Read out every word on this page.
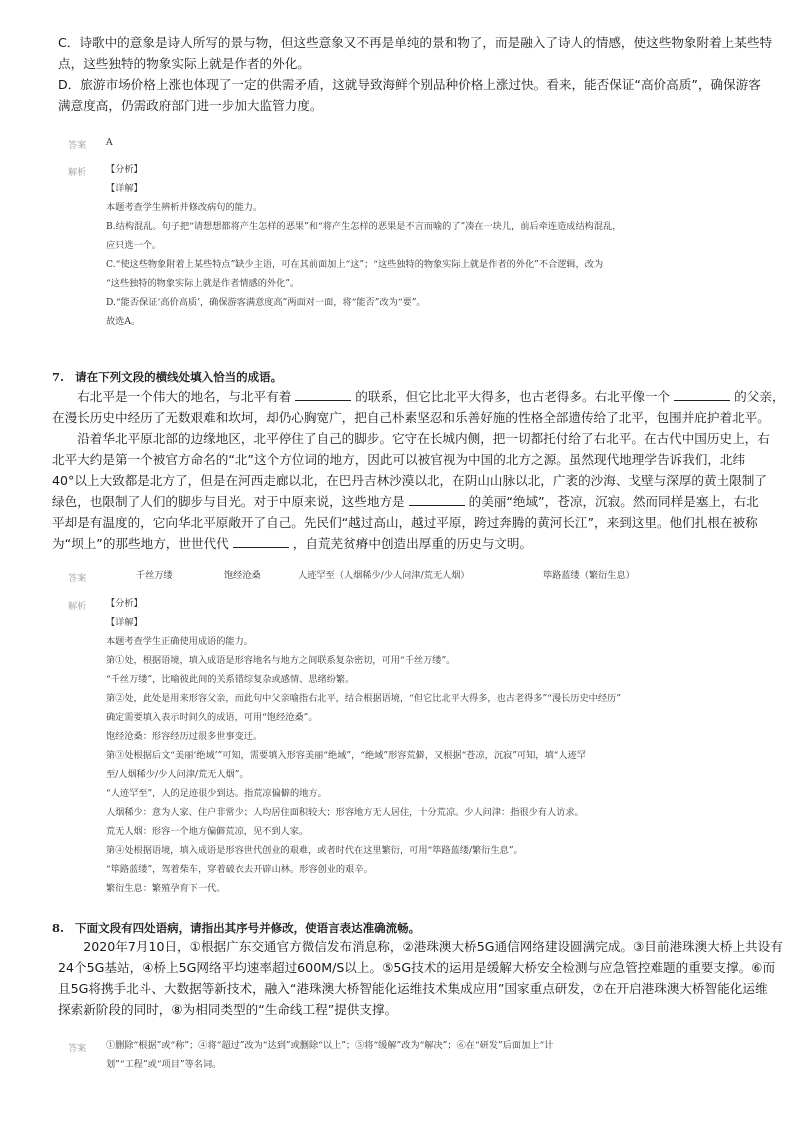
C．诗歌中的意象是诗人所写的景与物，但这些意象又不再是单纯的景和物了，而是融入了诗人的情感，使这些物象附着上某些特
点，这些独特的物象实际上就是作者的外化。
D．旅游市场价格上涨也体现了一定的供需矛盾，这就导致海鲜个别品种价格上涨过快。看来，能否保证“高价高质”，确保游客
满意度高，仍需政府部门进一步加大监管力度。
答案 A
解析 【分析】
【详解】
本题考查学生辨析并修改病句的能力。
B.结构混乱。句子把“请想想都将产生怎样的恶果”和“将产生怎样的恶果是不言而喻的了”凑在一块儿，前后牵连造成结构混乱，
应只选一个。
C.“使这些物象附着上某些特点”缺少主语，可在其前面加上“这”；“这些独特的物象实际上就是作者的外化”不合逻辑，改为
“这些独特的物象实际上就是作者情感的外化”。
D.“能否保证‘高价高质’，确保游客满意度高”两面对一面，将“能否”改为“要”。
故选A。
7. 请在下列文段的横线处填入恰当的成语。
　　右北平是一个伟大的地名，与北平有着	的联系，但它比北平大得多，也古老得多。右北平像一个	的父亲，
在漫长历史中经历了无数艰难和坎坷，却仍心胸宽广，把自己朴素坚忍和乐善好施的性格全部遗传给了北平，包围并庇护着北平。
　　沿着华北平原北部的边缘地区，北平停住了自己的脚步。它守在长城内侧，把一切都托付给了右北平。在古代中国历史上，右
北平大约是第一个被官方命名的“北”这个方位词的地方，因此可以被官视为中国的北方之源。虽然现代地理学告诉我们，北纬
40°以上大致都是北方了，但是在河西走廊以北，在巴丹吉林沙漠以北，在阴山山脉以北，广袤的沙海、戈壁与深厚的黄土限制了
绿色，也限制了人们的脚步与目光。对于中原来说，这些地方是	的美丽“绝域”，苍凉，沉寂。然而同样是塞上，右北
平却是有温度的，它向华北平原敞开了自己。先民们“越过高山，越过平原，跨过奔腾的黄河长江”，来到这里。他们扎根在被称
为“坝上”的那些地方，世世代代	，自荒芜贫瘠中创造出厚重的历史与文明。
答案	千丝万缕	饱经沧桑	人迹罕至（人烟稀少/少人问津/荒无人烟）	筚路蓝缕（繁衍生息）
解析 【分析】
【详解】
本题考查学生正确使用成语的能力。
第①处，根据语境，填入成语是形容地名与地方之间联系复杂密切，可用“千丝万缕”。
“千丝万缕”，比喻彼此间的关系错综复杂或感情、思绪纷繁。
第②处，此处是用来形容父亲，而此句中父亲喻指右北平，结合根据语境，“但它比北平大得多，也古老得多”“漫长历史中经历”
确定需要填入表示时间久的成语，可用“饱经沧桑”。
饱经沧桑：形容经历过很多世事变迁。
第③处根据后文“美丽‘绝域’”可知，需要填入形容美丽“绝域”，“绝域”形容荒僻，又根据“苍凉，沉寂”可知，填“人迹罕
至/人烟稀少/少人问津/荒无人烟”。
“人迹罕至”，人的足迹很少到达。指荒凉偏僻的地方。
人烟稀少：意为人家、住户非常少；人均居住面积较大；形容地方无人居住，十分荒凉。少人问津：指很少有人访求。
荒无人烟：形容一个地方偏僻荒凉，见不到人家。
第④处根据语境，填入成语是形容世代创业的艰难，或者时代在这里繁衍，可用“筚路蓝缕/繁衍生息”。
“筚路蓝缕”，驾着柴车，穿着破衣去开辟山林。形容创业的艰辛。
繁衍生息：繁殖孕育下一代。
8. 下面文段有四处语病，请指出其序号并修改，使语言表达准确流畅。
　　2020年7月10日，①根据广东交通官方微信发布消息称，②港珠澳大桥5G通信网络建设圆满完成。③目前港珠澳大桥上共设有
24个5G基站，④桥上5G网络平均速率超过600M/S以上。⑤5G技术的运用是缓解大桥安全检测与应急管控难题的重要支撑。⑥而
且5G将携手北斗、大数据等新技术，融入“港珠澳大桥智能化运维技术集成应用”国家重点研发，⑦在开启港珠澳大桥智能化运维
探索新阶段的同时，⑧为相同类型的“生命线工程”提供支撑。
答案 ①删除“根据”或“称”；④将“超过”改为“达到”或删除“以上”；⑤将“缓解”改为“解决”；⑥在“研发”后面加上“计
划”“工程”或“项目”等名词。
